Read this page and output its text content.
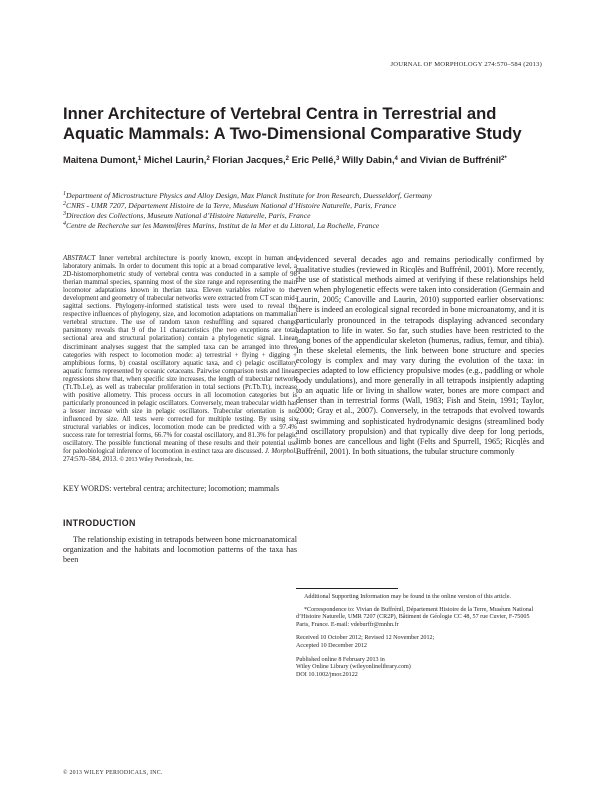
JOURNAL OF MORPHOLOGY 274:570–584 (2013)
Inner Architecture of Vertebral Centra in Terrestrial and Aquatic Mammals: A Two-Dimensional Comparative Study
Maitena Dumont,$^1$ Michel Laurin,$^2$ Florian Jacques,$^2$ Eric Pellé,$^3$ Willy Dabin,$^4$ and Vivian de Buffrénil$^{2*}$

$^1$Department of Microstructure Physics and Alloy Design, Max Planck Institute for Iron Research, Duesseldorf, Germany

$^2$CNRS - UMR 7207, Département Histoire de la Terre, Muséum National d’Histoire Naturelle, Paris, France

$^3$Direction des Collections, Museum National d’Histoire Naturelle, Paris, France

$^4$Centre de Recherche sur les Mammifères Marins, Institut de la Mer et du Littoral, La Rochelle, France

ABSTRACT Inner vertebral architecture is poorly known, except in human and laboratory animals. In order to document this topic at a broad comparative level, a 2D-histomorphometric study of vertebral centra was conducted in a sample of 98 therian mammal species, spanning most of the size range and representing the main locomotor adaptations known in therian taxa. Eleven variables relative to the development and geometry of trabecular networks were extracted from CT scan mid-sagittal sections. Phylogeny-informed statistical tests were used to reveal the respective influences of phylogeny, size, and locomotion adaptations on mammalian vertebral structure. The use of random taxon reshuffling and squared change parsimony reveals that 9 of the 11 characteristics (the two exceptions are total sectional area and structural polarization) contain a phylogenetic signal. Linear discriminant analyses suggest that the sampled taxa can be arranged into three categories with respect to locomotion mode: a) terrestrial + flying + digging + amphibious forms, b) coastal oscillatory aquatic taxa, and c) pelagic oscillatory aquatic forms represented by oceanic cetaceans. Pairwise comparison tests and linear regressions show that, when specific size increases, the length of trabecular network (Tt.Tb.Le), as well as trabecular proliferation in total sections (Pr.Tb.Tt), increase with positive allometry. This process occurs in all locomotion categories but is particularly pronounced in pelagic oscillators. Conversely, mean trabecular width has a lesser increase with size in pelagic oscillators. Trabecular orientation is not influenced by size. All tests were corrected for multiple testing. By using six structural variables or indices, locomotion mode can be predicted with a 97.4% success rate for terrestrial forms, 66.7% for coastal oscillatory, and 81.3% for pelagic oscillatory. The possible functional meaning of these results and their potential use for paleobiological inference of locomotion in extinct taxa are discussed. J. Morphol. 274:570–584, 2013. © 2013 Wiley Periodicals, Inc.

KEY WORDS: vertebral centra; architecture; locomotion; mammals

INTRODUCTION

The relationship existing in tetrapods between bone microanatomical organization and the habitats and locomotion patterns of the taxa has been

evidenced several decades ago and remains periodically confirmed by qualitative studies (reviewed in Ricqlès and Buffrénil, 2001). More recently, the use of statistical methods aimed at verifying if these relationships held even when phylogenetic effects were taken into consideration (Germain and Laurin, 2005; Canoville and Laurin, 2010) supported earlier observations: there is indeed an ecological signal recorded in bone microanatomy, and it is particularly pronounced in the tetrapods displaying advanced secondary adaptation to life in water. So far, such studies have been restricted to the long bones of the appendicular skeleton (humerus, radius, femur, and tibia). In these skeletal elements, the link between bone structure and species ecology is complex and may vary during the evolution of the taxa: in species adapted to low efficiency propulsive modes (e.g., paddling or whole body undulations), and more generally in all tetrapods insipiently adapting to an aquatic life or living in shallow water, bones are more compact and denser than in terrestrial forms (Wall, 1983; Fish and Stein, 1991; Taylor, 2000; Gray et al., 2007). Conversely, in the tetrapods that evolved towards fast swimming and sophisticated hydrodynamic designs (streamlined body and oscillatory propulsion) and that typically dive deep for long periods, limb bones are cancellous and light (Felts and Spurrell, 1965; Ricqlès and Buffrénil, 2001). In both situations, the tubular structure commonly

Additional Supporting Information may be found in the online version of this article.

*Correspondence to: Vivian de Buffrénil, Département Histoire de la Terre, Muséum National d’Histoire Naturelle, UMR 7207 (CR2P), Bâtiment de Géologie CC 48, 57 rue Cuvier, F-75005 Paris, France. E-mail: vdeburffr@mnhn.fr

Received 10 October 2012; Revised 12 November 2012;

Accepted 10 December 2012

Published online 8 February 2013 in

Wiley Online Library (wileyonlinelibrary.com)

DOI 10.1002/jmor.20122

© 2013 WILEY PERIODICALS, INC.
